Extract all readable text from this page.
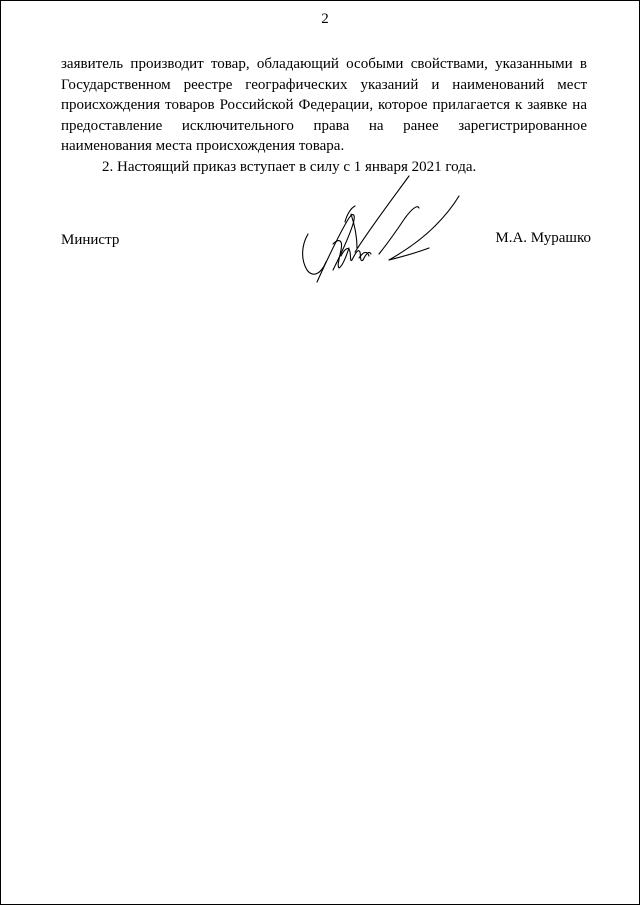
2

заявитель производит товар, обладающий особыми свойствами, указанными в Государственном реестре географических указаний и наименований мест происхождения товаров Российской Федерации, которое прилагается к заявке на предоставление исключительного права на ранее зарегистрированное наименования места происхождения товара.

2. Настоящий приказ вступает в силу с 1 января 2021 года.

Министр	М.А. Мурашко
